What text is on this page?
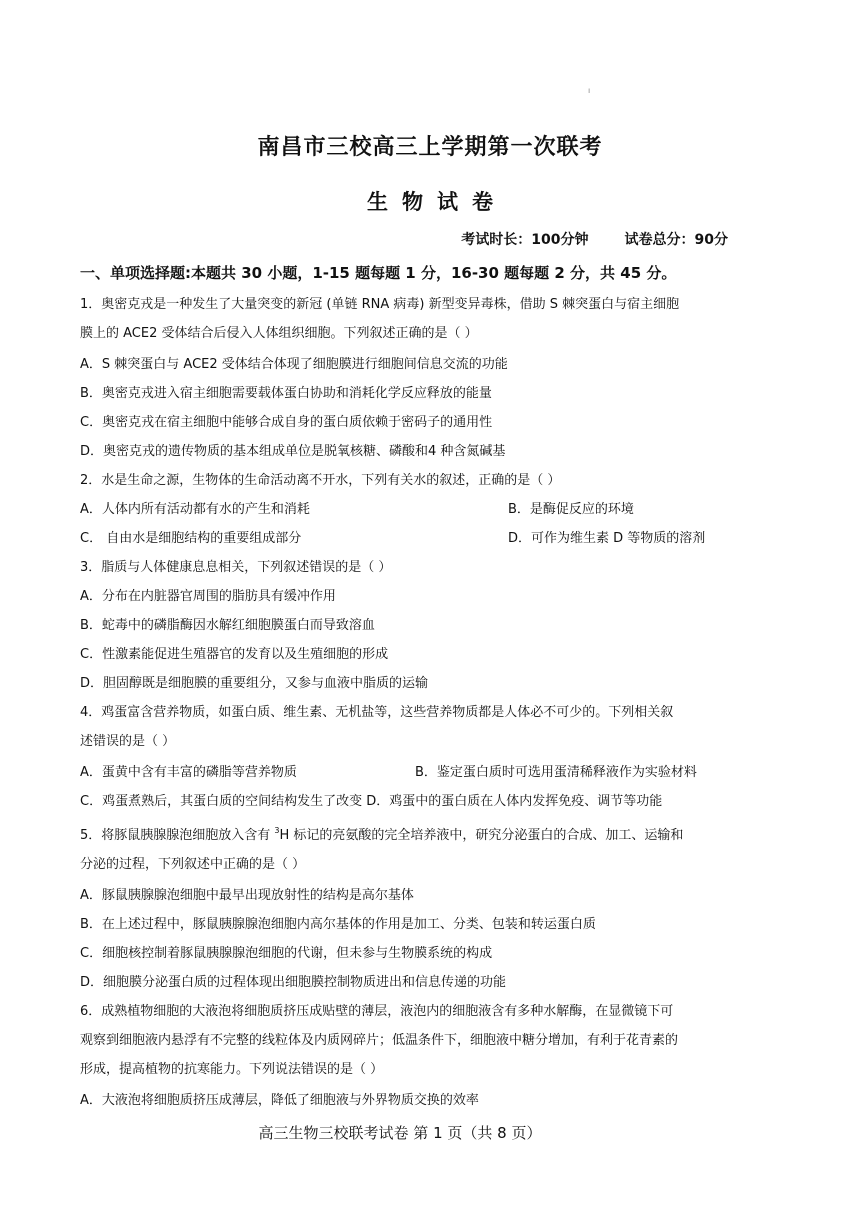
ı
南昌市三校高三上学期第一次联考
生物试卷
考试时长：100分钟	试卷总分：90分
一、单项选择题:本题共 30 小题，1-15 题每题 1 分，16-30 题每题 2 分，共 45 分。

1．奥密克戎是一种发生了大量突变的新冠 (单链 RNA 病毒) 新型变异毒株，借助 S 棘突蛋白与宿主细胞

膜上的 ACE2 受体结合后侵入人体组织细胞。下列叙述正确的是（ ）

A．S 棘突蛋白与 ACE2 受体结合体现了细胞膜进行细胞间信息交流的功能

B．奥密克戎进入宿主细胞需要载体蛋白协助和消耗化学反应释放的能量

C．奥密克戎在宿主细胞中能够合成自身的蛋白质依赖于密码子的通用性

D．奥密克戎的遗传物质的基本组成单位是脱氧核糖、磷酸和4 种含氮碱基

2．水是生命之源，生物体的生命活动离不开水，下列有关水的叙述，正确的是（ ）

A．人体内所有活动都有水的产生和消耗	B．是酶促反应的环境
C． 自由水是细胞结构的重要组成部分	D．可作为维生素 D 等物质的溶剂

3．脂质与人体健康息息相关，下列叙述错误的是（ ）

A．分布在内脏器官周围的脂肪具有缓冲作用

B．蛇毒中的磷脂酶因水解红细胞膜蛋白而导致溶血

C．性激素能促进生殖器官的发育以及生殖细胞的形成

D．胆固醇既是细胞膜的重要组分，又参与血液中脂质的运输

4．鸡蛋富含营养物质，如蛋白质、维生素、无机盐等，这些营养物质都是人体必不可少的。下列相关叙

述错误的是（ ）

A．蛋黄中含有丰富的磷脂等营养物质	B．鉴定蛋白质时可选用蛋清稀释液作为实验材料
C．鸡蛋煮熟后，其蛋白质的空间结构发生了改变
D．鸡蛋中的蛋白质在人体内发挥免疫、调节等功能

5．将豚鼠胰腺腺泡细胞放入含有 $^3$H 标记的亮氨酸的完全培养液中，研究分泌蛋白的合成、加工、运输和

分泌的过程，下列叙述中正确的是（ ）

A．豚鼠胰腺腺泡细胞中最早出现放射性的结构是高尔基体

B．在上述过程中，豚鼠胰腺腺泡细胞内高尔基体的作用是加工、分类、包装和转运蛋白质

C．细胞核控制着豚鼠胰腺腺泡细胞的代谢，但未参与生物膜系统的构成

D．细胞膜分泌蛋白质的过程体现出细胞膜控制物质进出和信息传递的功能

6．成熟植物细胞的大液泡将细胞质挤压成贴壁的薄层，液泡内的细胞液含有多种水解酶，在显微镜下可

观察到细胞液内悬浮有不完整的线粒体及内质网碎片；低温条件下，细胞液中糖分增加，有利于花青素的

形成，提高植物的抗寒能力。下列说法错误的是（ ）

A．大液泡将细胞质挤压成薄层，降低了细胞液与外界物质交换的效率

高三生物三校联考试卷 第 1 页（共 8 页）
